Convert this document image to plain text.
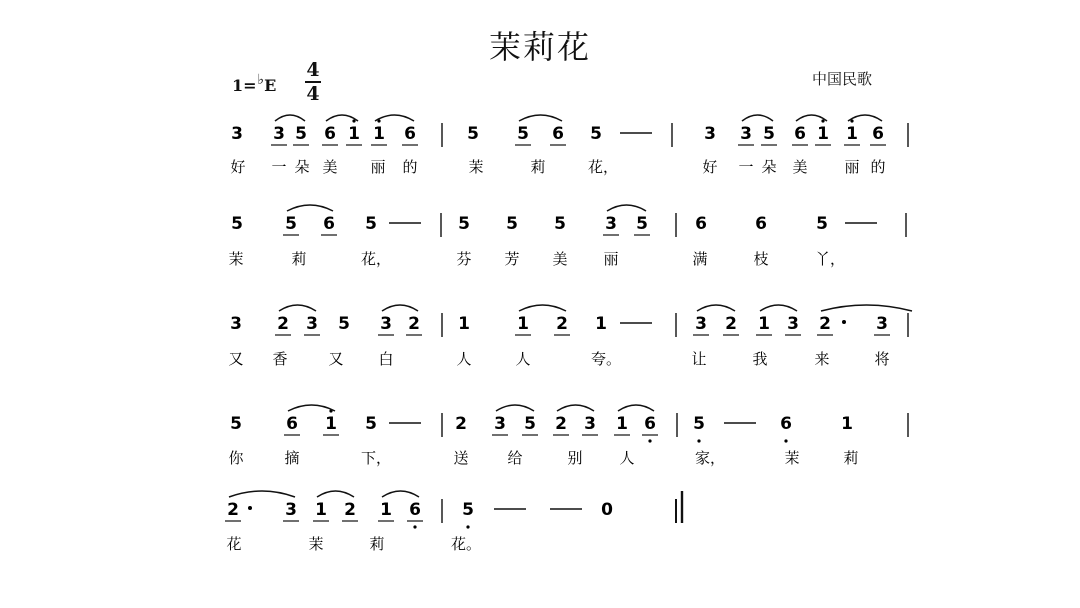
茉莉花
中国民歌
1=♭E
4
4
3 3 5 6 1 1 6	5 5 6 5	3 3 5 6 1 1 6
好 一 朵 美 丽 的	茉	莉	花，	好 一 朵 美 丽 的
5 5 6 5	5 5 5 3 5	6	6	5
茉	莉	花，	芬 芳 美 丽	满	枝	丫，
3 2 3 5 3 2 1	1 2 1	3 2 1 3 2	3
又 香	又 白	人	人	夸。	让	我	来	将
5	6 1 5	2 3 5 2 3 1 6 5	6	1
你	摘	下，	送	给	别 人	家，	茉	莉
2	3 1 2 1 6 5	0
花	茉	莉	花。
